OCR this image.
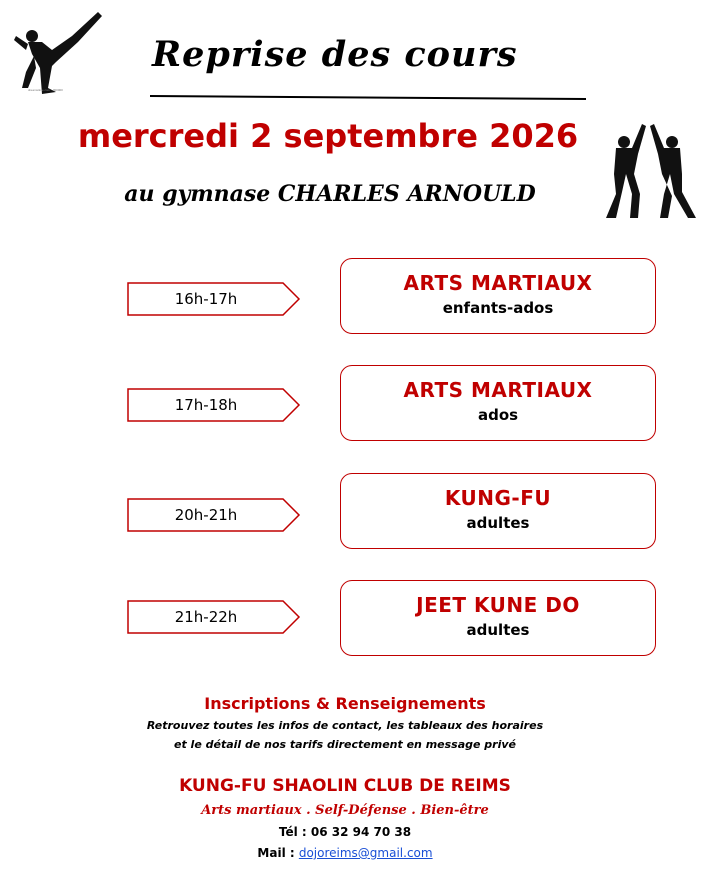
dreamstime.com · 000000
Reprise des cours
mercredi 2 septembre 2026
au gymnase CHARLES ARNOULD
16h-17h
ARTS MARTIAUX
enfants-ados
17h-18h
ARTS MARTIAUX
ados
20h-21h
KUNG-FU
adultes
21h-22h	JEET KUNE DO
adultes
Inscriptions & Renseignements
Retrouvez toutes les infos de contact, les tableaux des horaires
et le détail de nos tarifs directement en message privé
KUNG-FU SHAOLIN CLUB DE REIMS
Arts martiaux . Self-Défense . Bien-être
Tél : 06 32 94 70 38
Mail : dojoreims@gmail.com
